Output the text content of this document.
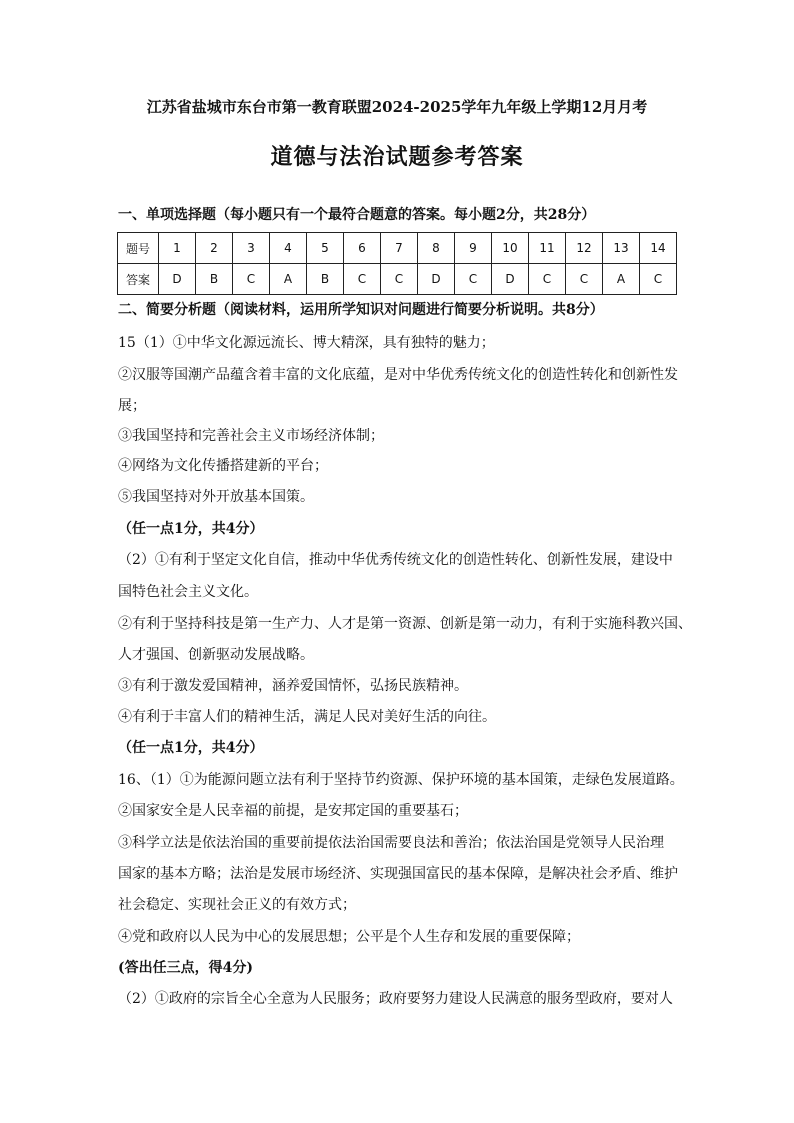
江苏省盐城市东台市第一教育联盟2024-2025学年九年级上学期12月月考
道德与法治试题参考答案
一、单项选择题（每小题只有一个最符合题意的答案。每小题2分，共28分）
题号	1	2	3	4	5	6	7	8	9	10	11	12	13	14
答案	D	B	C	A	B	C	C	D	C	D	C	C	A	C
二、简要分析题（阅读材料，运用所学知识对问题进行简要分析说明。共8分）
15（1）①中华文化源远流长、博大精深，具有独特的魅力；
②汉服等国潮产品蕴含着丰富的文化底蕴，是对中华优秀传统文化的创造性转化和创新性发
展；
③我国坚持和完善社会主义市场经济体制；
④网络为文化传播搭建新的平台；
⑤我国坚持对外开放基本国策。
（任一点1分，共4分）
（2）①有利于坚定文化自信，推动中华优秀传统文化的创造性转化、创新性发展，建设中
国特色社会主义文化。
②有利于坚持科技是第一生产力、人才是第一资源、创新是第一动力，有利于实施科教兴国、
人才强国、创新驱动发展战略。
③有利于激发爱国精神，涵养爱国情怀，弘扬民族精神。
④有利于丰富人们的精神生活，满足人民对美好生活的向往。
（任一点1分，共4分）
16、（1）①为能源问题立法有利于坚持节约资源、保护环境的基本国策，走绿色发展道路。
②国家安全是人民幸福的前提，是安邦定国的重要基石；
③科学立法是依法治国的重要前提依法治国需要良法和善治；依法治国是党领导人民治理
国家的基本方略；法治是发展市场经济、实现强国富民的基本保障，是解决社会矛盾、维护
社会稳定、实现社会正义的有效方式；
④党和政府以人民为中心的发展思想；公平是个人生存和发展的重要保障；
(答出任三点，得4分)
（2）①政府的宗旨全心全意为人民服务；政府要努力建设人民满意的服务型政府，要对人
